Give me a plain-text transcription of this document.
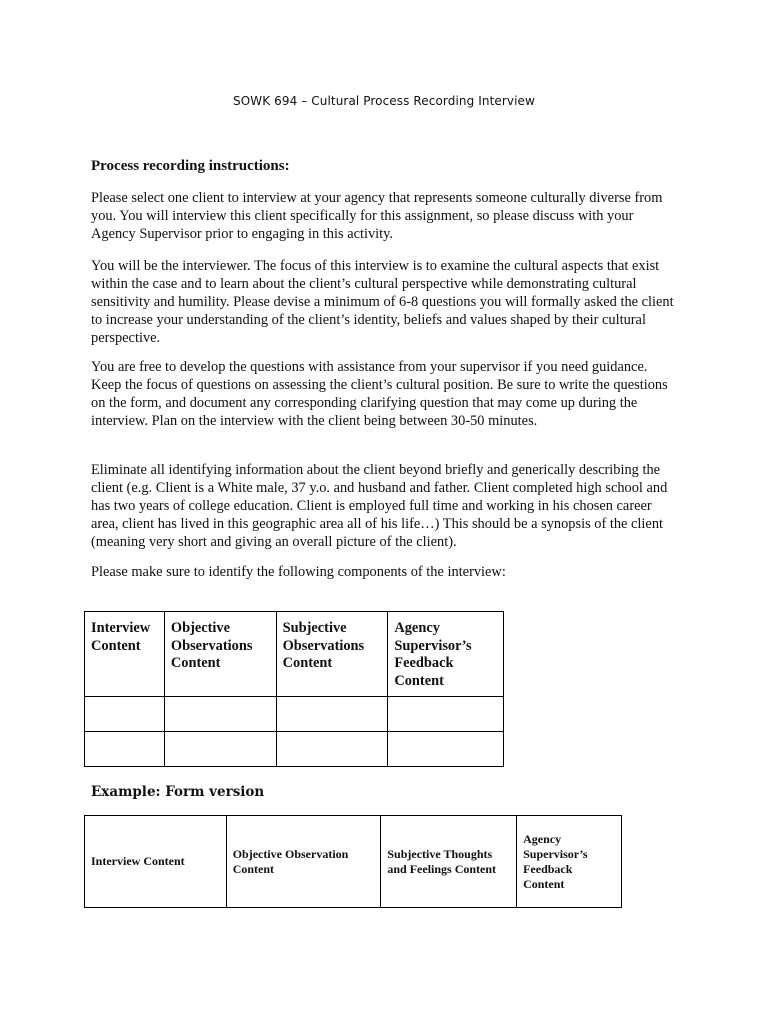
SOWK 694 – Cultural Process Recording Interview
Process recording instructions:

Please select one client to interview at your agency that represents someone culturally diverse from you. You will interview this client specifically for this assignment, so please discuss with your Agency Supervisor prior to engaging in this activity.

You will be the interviewer. The focus of this interview is to examine the cultural aspects that exist within the case and to learn about the client’s cultural perspective while demonstrating cultural sensitivity and humility. Please devise a minimum of 6-8 questions you will formally asked the client to increase your understanding of the client’s identity, beliefs and values shaped by their cultural perspective.

You are free to develop the questions with assistance from your supervisor if you need guidance. Keep the focus of questions on assessing the client’s cultural position. Be sure to write the questions on the form, and document any corresponding clarifying question that may come up during the interview. Plan on the interview with the client being between 30-50 minutes.

Eliminate all identifying information about the client beyond briefly and generically describing the client (e.g. Client is a White male, 37 y.o. and husband and father. Client completed high school and has two years of college education. Client is employed full time and working in his chosen career area, client has lived in this geographic area all of his life…) This should be a synopsis of the client (meaning very short and giving an overall picture of the client).

Please make sure to identify the following components of the interview:

Interview Content	Objective Observations Content	Subjective Observations Content	Agency Supervisor’s Feedback Content

Example: Form version
Interview Content	Objective Observation Content	Subjective Thoughts and Feelings Content	Agency Supervisor’s Feedback Content
